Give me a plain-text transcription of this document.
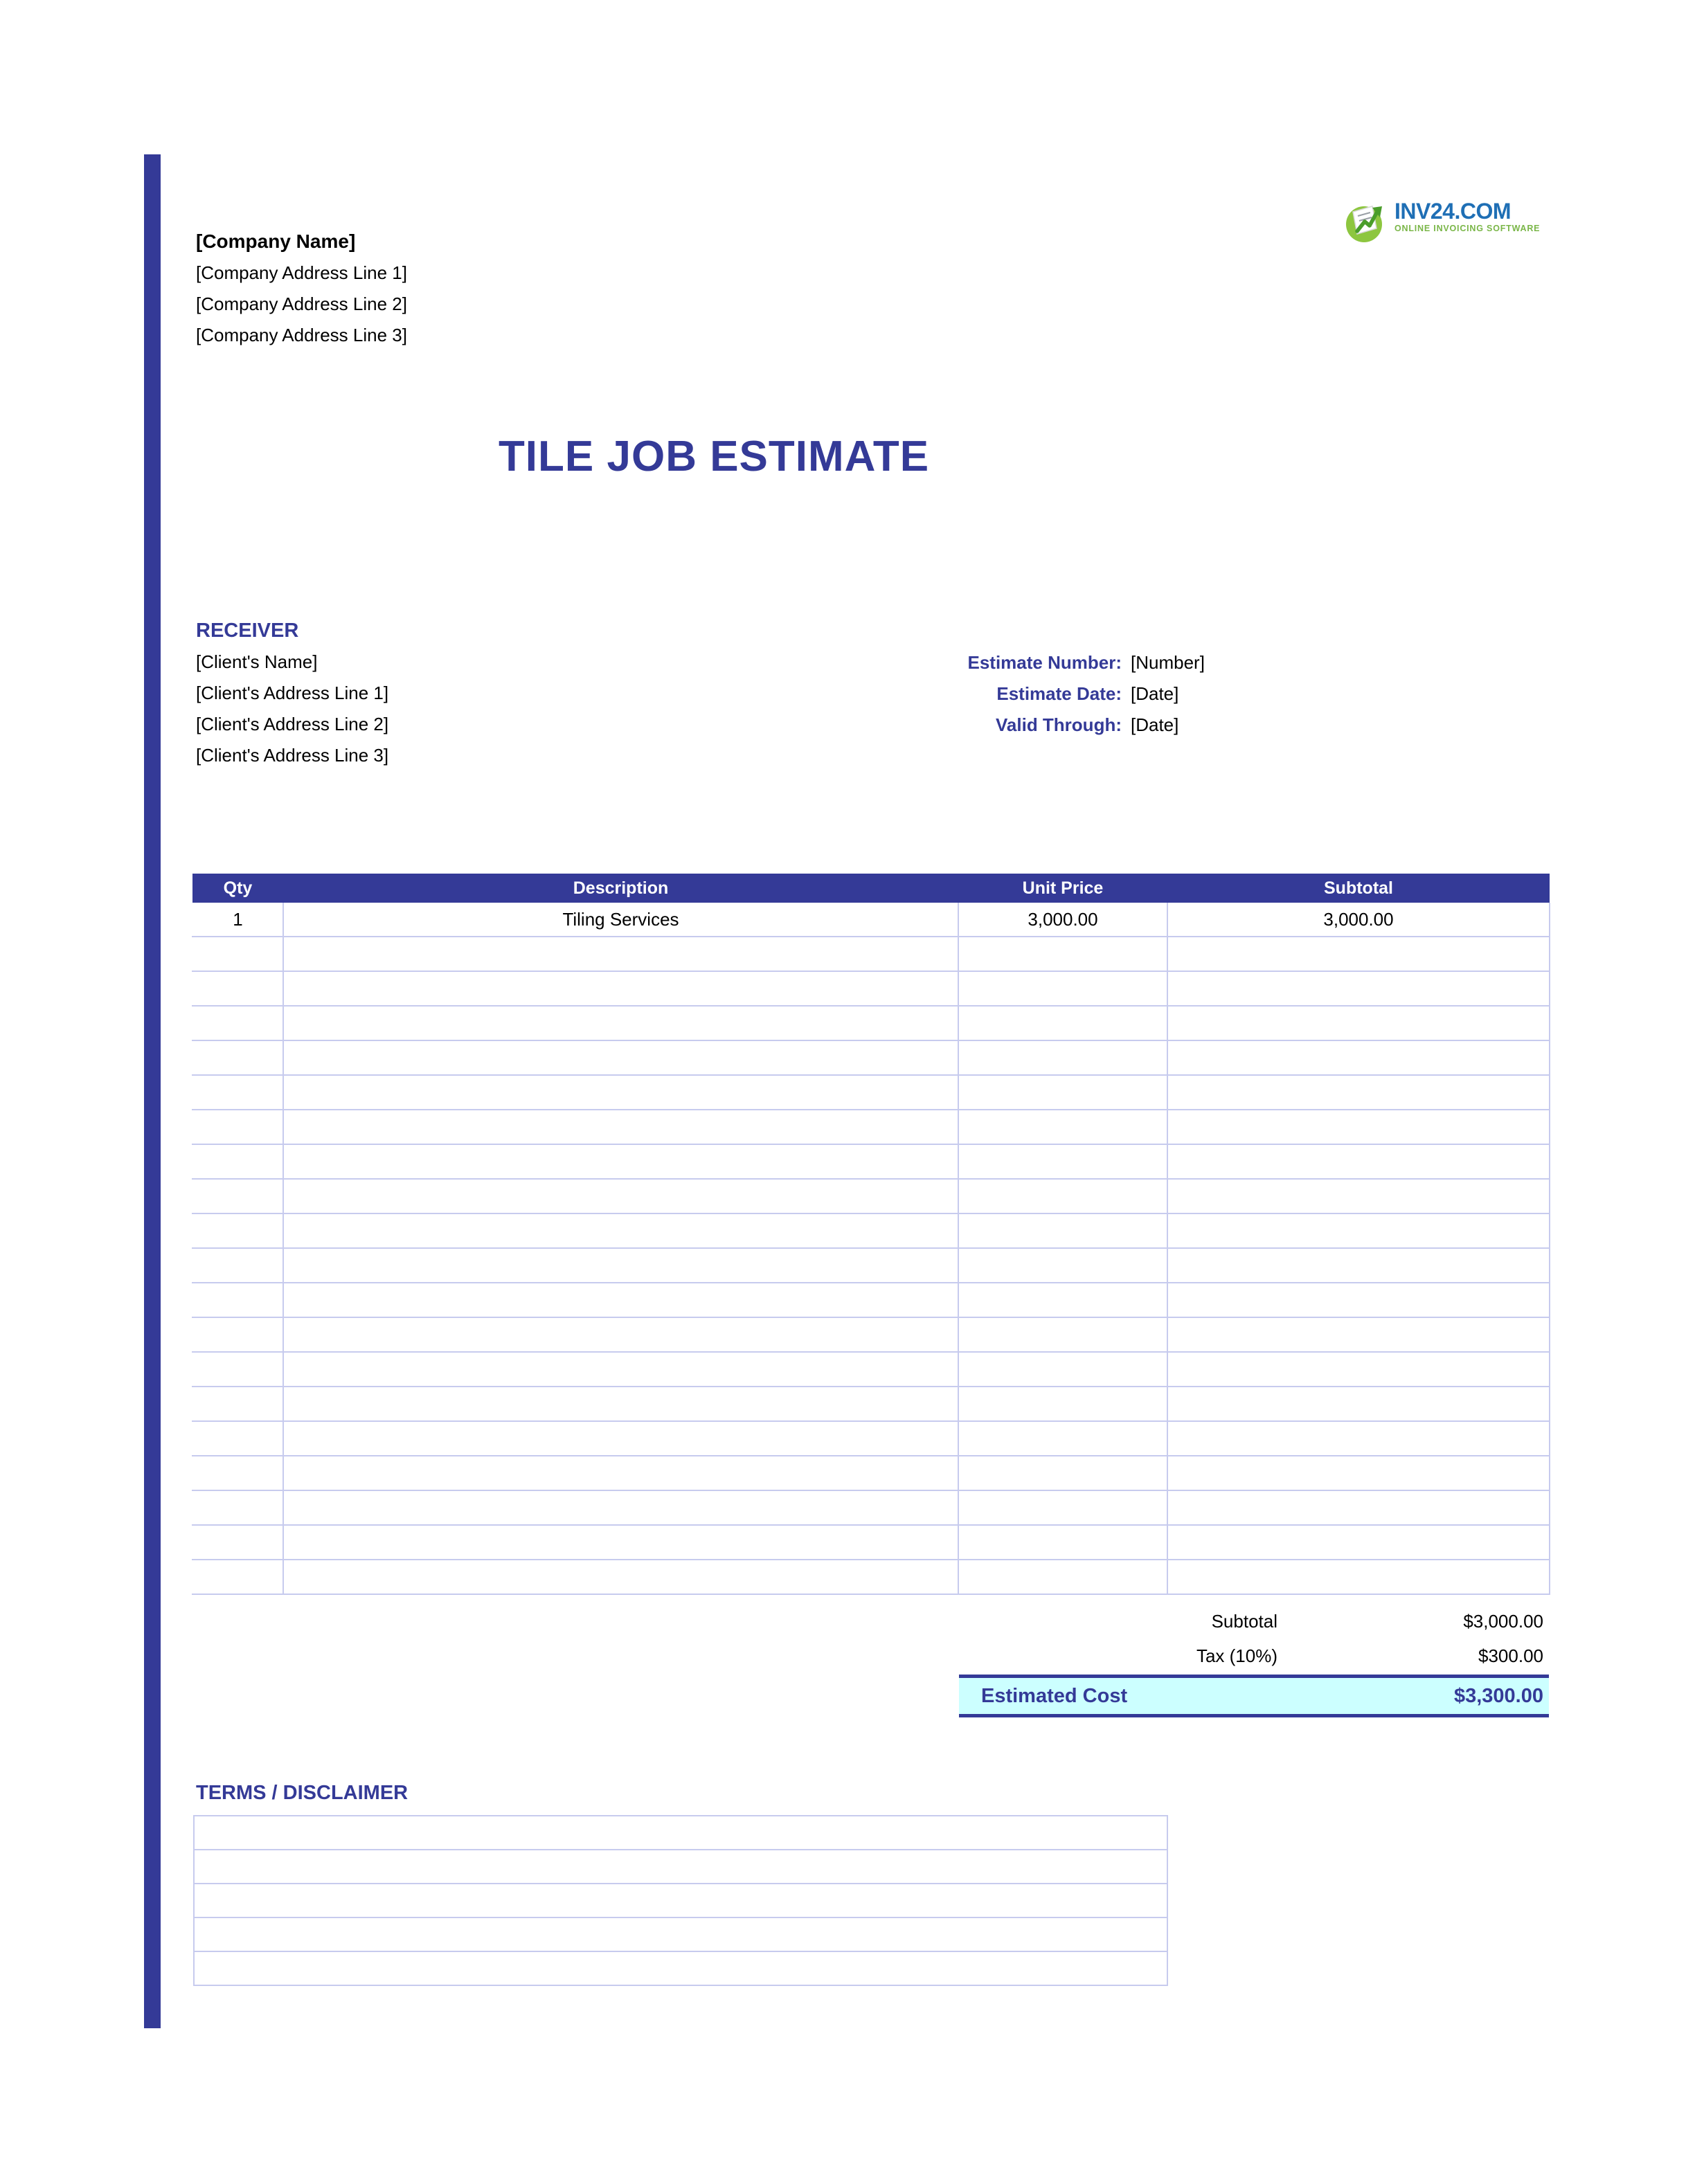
[Company Name]
[Company Address Line 1]
[Company Address Line 2]
[Company Address Line 3]
INV24.COM
ONLINE INVOICING SOFTWARE
TILE JOB ESTIMATE
RECEIVER
[Client's Name]
[Client's Address Line 1]
[Client's Address Line 2]
[Client's Address Line 3]
Estimate Number: [Number]
Estimate Date: [Date]
Valid Through: [Date]
Qty	Description	Unit Price	Subtotal
1	Tiling Services	3,000.00	3,000.00

Subtotal	$3,000.00
Tax (10%)	$300.00
Estimated Cost	$3,300.00
TERMS / DISCLAIMER
